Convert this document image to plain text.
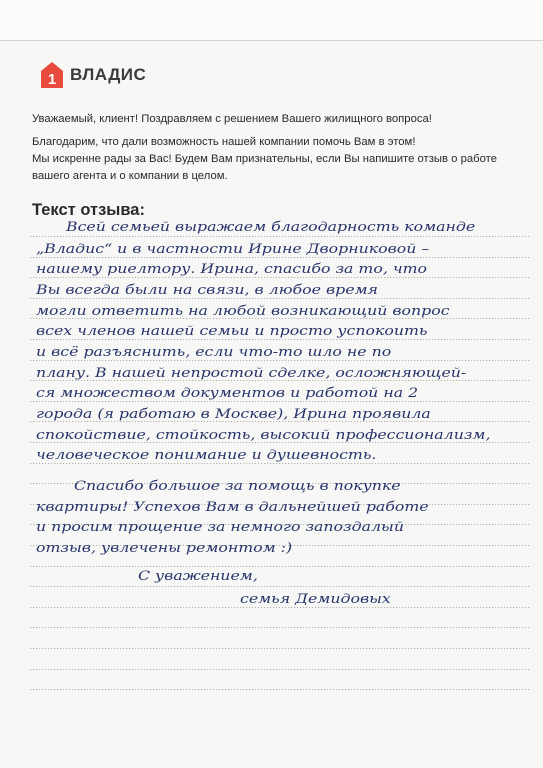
1 ВЛАДИС

Уважаемый, клиент! Поздравляем с решением Вашего жилищного вопроса!

Благодарим, что дали возможность нашей компании помочь Вам в этом!

Мы искренне рады за Вас! Будем Вам признательны, если Вы напишите отзыв о работе

вашего агента и о компании в целом.

Текст отзыва:
Всей семьей выражаем благодарность команде
„Владис“ и в частности Ирине Дворниковой –
нашему риелтору. Ирина, спасибо за то, что
Вы всегда были на связи, в любое время
могли ответить на любой возникающий вопрос
всех членов нашей семьи и просто успокоить
и всё разъяснить, если что-то шло не по
плану. В нашей непростой сделке, осложняющей-
ся множеством документов и работой на 2
города (я работаю в Москве), Ирина проявила
спокойствие, стойкость, высокий профессионализм,
человеческое понимание и душевность.
Спасибо большое за помощь в покупке
квартиры! Успехов Вам в дальнейшей работе
и просим прощение за немного запоздалый
отзыв, увлечены ремонтом :)
С уважением,
семья Демидовых
